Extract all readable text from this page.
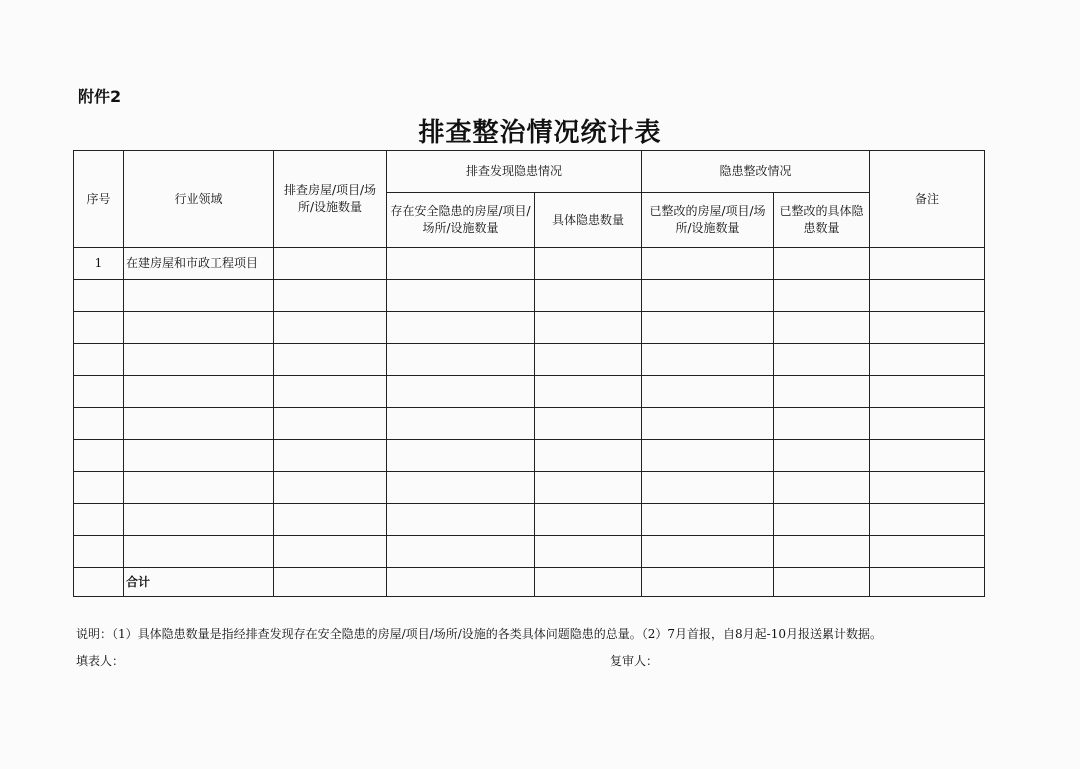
附件2
排查整治情况统计表
序号	行业领域	排查房屋/项目/场所/设施数量	排查发现隐患情况		隐患整改情况		备注
			存在安全隐患的房屋/项目/场所/设施数量	具体隐患数量	已整改的房屋/项目/场所/设施数量	已整改的具体隐患数量	
1	在建房屋和市政工程项目						

	合计						
说明：（1）具体隐患数量是指经排查发现存在安全隐患的房屋/项目/场所/设施的各类具体问题隐患的总量。（2）7月首报，自8月起-10月报送累计数据。
填表人：	复审人：
